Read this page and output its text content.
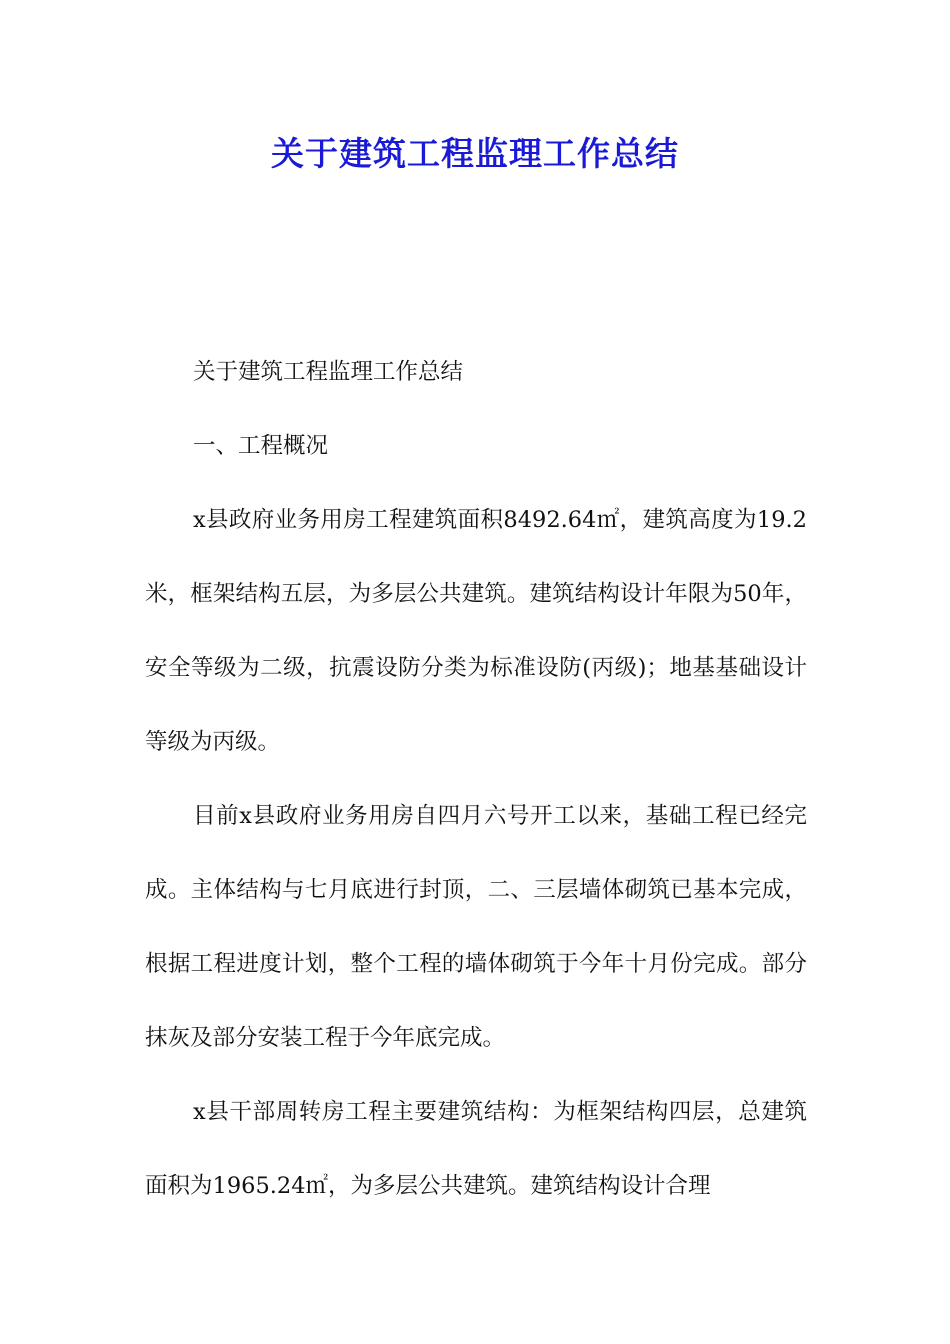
关于建筑工程监理工作总结

关于建筑工程监理工作总结

一、工程概况

x县政府业务用房工程建筑面积8492.64㎡，建筑高度为19.2米，框架结构五层，为多层公共建筑。建筑结构设计年限为50年，安全等级为二级，抗震设防分类为标准设防(丙级)；地基基础设计等级为丙级。

目前x县政府业务用房自四月六号开工以来，基础工程已经完成。主体结构与七月底进行封顶，二、三层墙体砌筑已基本完成，根据工程进度计划，整个工程的墙体砌筑于今年十月份完成。部分抹灰及部分安装工程于今年底完成。

x县干部周转房工程主要建筑结构：为框架结构四层，总建筑面积为1965.24㎡，为多层公共建筑。建筑结构设计合理
